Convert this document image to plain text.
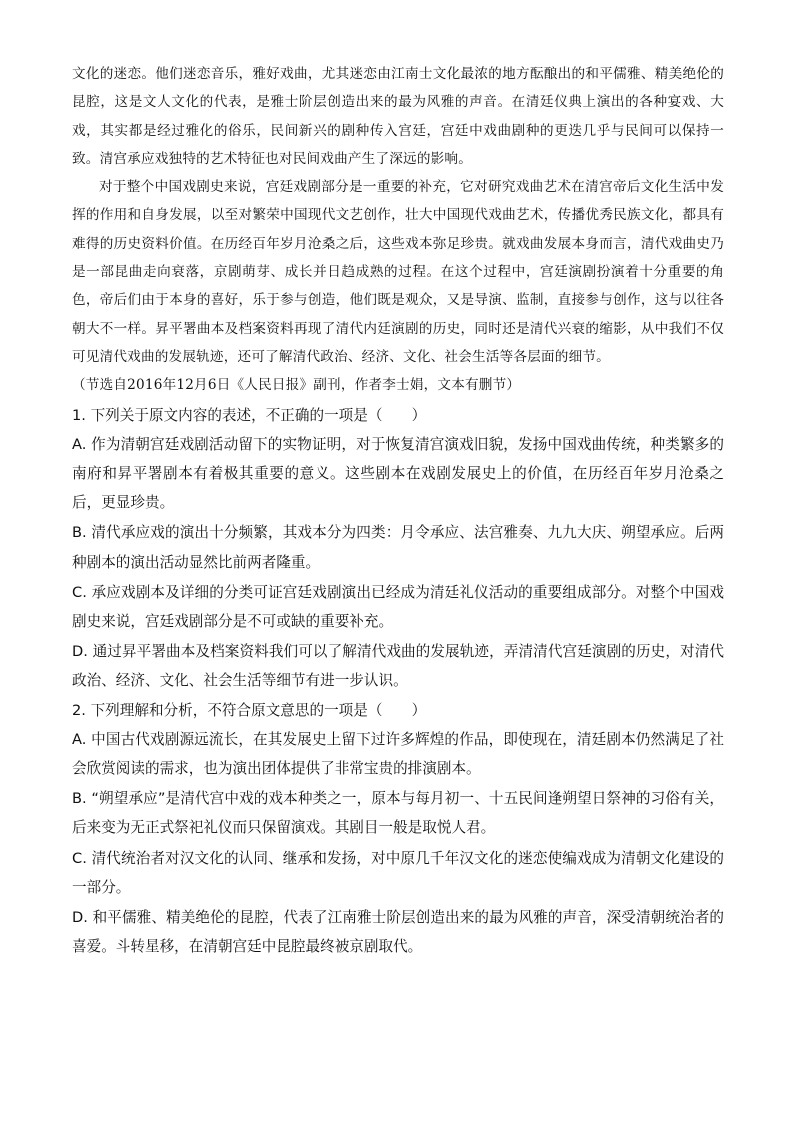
文化的迷恋。他们迷恋音乐，雅好戏曲，尤其迷恋由江南士文化最浓的地方酝酿出的和平儒雅、精美绝伦的昆腔，这是文人文化的代表，是雅士阶层创造出来的最为风雅的声音。在清廷仪典上演出的各种宴戏、大戏，其实都是经过雅化的俗乐，民间新兴的剧种传入宫廷，宫廷中戏曲剧种的更迭几乎与民间可以保持一致。清宫承应戏独特的艺术特征也对民间戏曲产生了深远的影响。

对于整个中国戏剧史来说，宫廷戏剧部分是一重要的补充，它对研究戏曲艺术在清宫帝后文化生活中发挥的作用和自身发展，以至对繁荣中国现代文艺创作，壮大中国现代戏曲艺术，传播优秀民族文化，都具有难得的历史资料价值。在历经百年岁月沧桑之后，这些戏本弥足珍贵。就戏曲发展本身而言，清代戏曲史乃是一部昆曲走向衰落，京剧萌芽、成长并日趋成熟的过程。在这个过程中，宫廷演剧扮演着十分重要的角色，帝后们由于本身的喜好，乐于参与创造，他们既是观众，又是导演、监制，直接参与创作，这与以往各朝大不一样。昇平署曲本及档案资料再现了清代内廷演剧的历史，同时还是清代兴衰的缩影，从中我们不仅可见清代戏曲的发展轨迹，还可了解清代政治、经济、文化、社会生活等各层面的细节。

（节选自2016年12月6日《人民日报》副刊，作者李士娟，文本有删节）

1. 下列关于原文内容的表述，不正确的一项是（　　）

A. 作为清朝宫廷戏剧活动留下的实物证明，对于恢复清宫演戏旧貌，发扬中国戏曲传统，种类繁多的南府和昇平署剧本有着极其重要的意义。这些剧本在戏剧发展史上的价值，在历经百年岁月沧桑之后，更显珍贵。

B. 清代承应戏的演出十分频繁，其戏本分为四类：月令承应、法宫雅奏、九九大庆、朔望承应。后两种剧本的演出活动显然比前两者隆重。

C. 承应戏剧本及详细的分类可证宫廷戏剧演出已经成为清廷礼仪活动的重要组成部分。对整个中国戏剧史来说，宫廷戏剧部分是不可或缺的重要补充。

D. 通过昇平署曲本及档案资料我们可以了解清代戏曲的发展轨迹，弄清清代宫廷演剧的历史，对清代政治、经济、文化、社会生活等细节有进一步认识。

2. 下列理解和分析，不符合原文意思的一项是（　　）

A. 中国古代戏剧源远流长，在其发展史上留下过许多辉煌的作品，即使现在，清廷剧本仍然满足了社会欣赏阅读的需求，也为演出团体提供了非常宝贵的排演剧本。

B. “朔望承应”是清代宫中戏的戏本种类之一，原本与每月初一、十五民间逢朔望日祭神的习俗有关，后来变为无正式祭祀礼仪而只保留演戏。其剧目一般是取悦人君。

C. 清代统治者对汉文化的认同、继承和发扬，对中原几千年汉文化的迷恋使编戏成为清朝文化建设的一部分。

D. 和平儒雅、精美绝伦的昆腔，代表了江南雅士阶层创造出来的最为风雅的声音，深受清朝统治者的喜爱。斗转星移，在清朝宫廷中昆腔最终被京剧取代。
